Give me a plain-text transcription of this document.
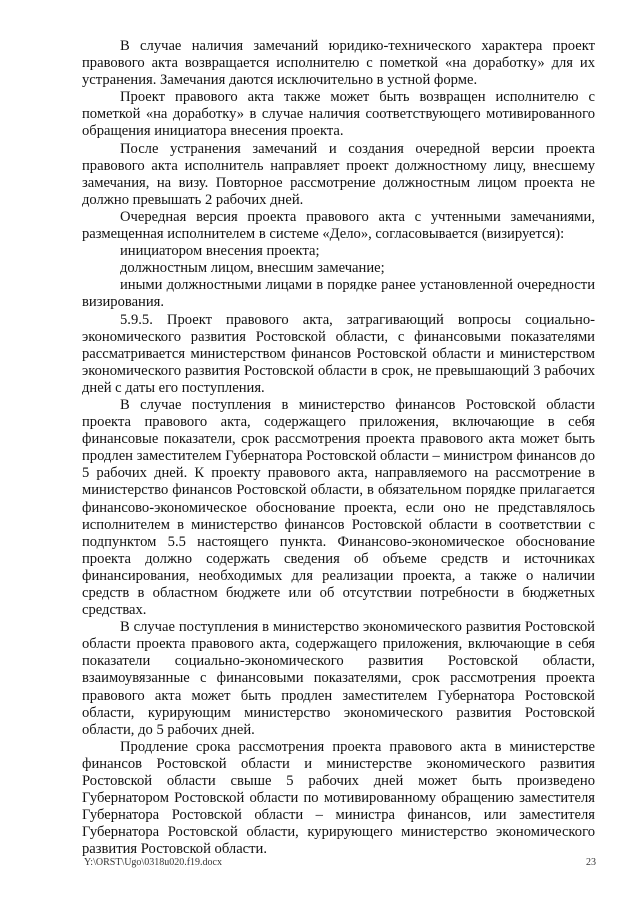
В случае наличия замечаний юридико-технического характера проект правового акта возвращается исполнителю с пометкой «на доработку» для их устранения. Замечания даются исключительно в устной форме.

Проект правового акта также может быть возвращен исполнителю с пометкой «на доработку» в случае наличия соответствующего мотивированного обращения инициатора внесения проекта.

После устранения замечаний и создания очередной версии проекта правового акта исполнитель направляет проект должностному лицу, внесшему замечания, на визу. Повторное рассмотрение должностным лицом проекта не должно превышать 2 рабочих дней.

Очередная версия проекта правового акта с учтенными замечаниями, размещенная исполнителем в системе «Дело», согласовывается (визируется):

инициатором внесения проекта;

должностным лицом, внесшим замечание;

иными должностными лицами в порядке ранее установленной очередности визирования.

5.9.5. Проект правового акта, затрагивающий вопросы социально-экономического развития Ростовской области, с финансовыми показателями рассматривается министерством финансов Ростовской области и министерством экономического развития Ростовской области в срок, не превышающий 3 рабочих дней с даты его поступления.

В случае поступления в министерство финансов Ростовской области проекта правового акта, содержащего приложения, включающие в себя финансовые показатели, срок рассмотрения проекта правового акта может быть продлен заместителем Губернатора Ростовской области – министром финансов до 5 рабочих дней. К проекту правового акта, направляемого на рассмотрение в министерство финансов Ростовской области, в обязательном порядке прилагается финансово-экономическое обоснование проекта, если оно не представлялось исполнителем в министерство финансов Ростовской области в соответствии с подпунктом 5.5 настоящего пункта. Финансово-экономическое обоснование проекта должно содержать сведения об объеме средств и источниках финансирования, необходимых для реализации проекта, а также о наличии средств в областном бюджете или об отсутствии потребности в бюджетных средствах.

В случае поступления в министерство экономического развития Ростовской области проекта правового акта, содержащего приложения, включающие в себя показатели социально-экономического развития Ростовской области, взаимоувязанные с финансовыми показателями, срок рассмотрения проекта правового акта может быть продлен заместителем Губернатора Ростовской области, курирующим министерство экономического развития Ростовской области, до 5 рабочих дней.

Продление срока рассмотрения проекта правового акта в министерстве финансов Ростовской области и министерстве экономического развития Ростовской области свыше 5 рабочих дней может быть произведено Губернатором Ростовской области по мотивированному обращению заместителя Губернатора Ростовской области – министра финансов, или заместителя Губернатора Ростовской области, курирующего министерство экономического развития Ростовской области.

Y:\ORST\Ugo\0318u020.f19.docx	23
